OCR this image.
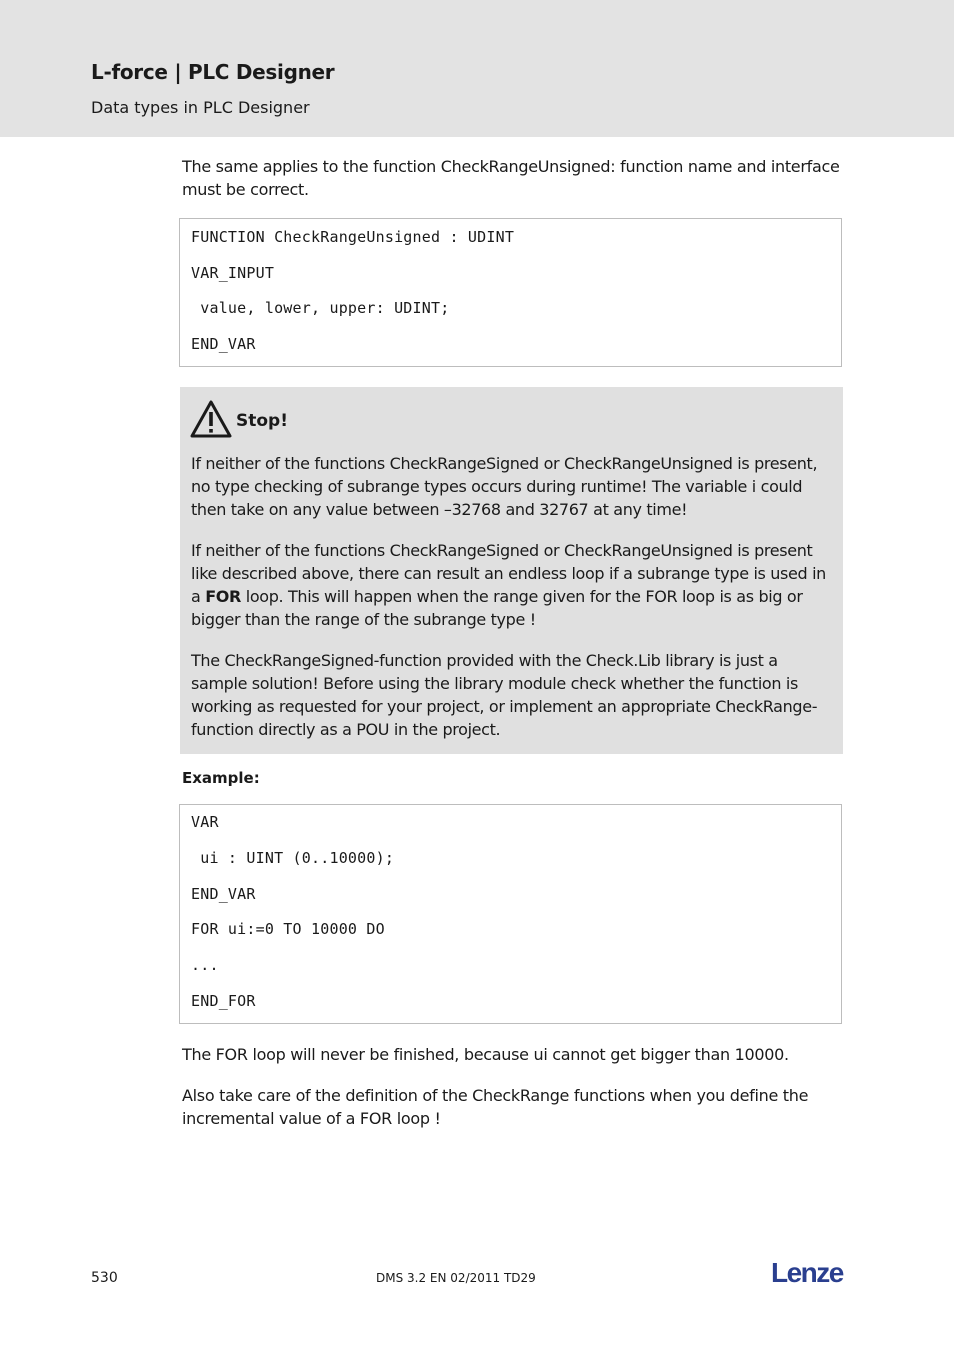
L-force | PLC Designer
Data types in PLC Designer
The same applies to the function CheckRangeUnsigned: function name and interface must be correct.
FUNCTION CheckRangeUnsigned : UDINT
VAR_INPUT
value, lower, upper: UDINT;
END_VAR
Stop!
If neither of the functions CheckRangeSigned or CheckRangeUnsigned is present, no type checking of subrange types occurs during runtime! The variable i could then take on any value between –32768 and 32767 at any time!
If neither of the functions CheckRangeSigned or CheckRangeUnsigned is present like described above, there can result an endless loop if a subrange type is used in a FOR loop. This will happen when the range given for the FOR loop is as big or bigger than the range of the subrange type !
The CheckRangeSigned-function provided with the Check.Lib library is just a sample solution! Before using the library module check whether the function is working as requested for your project, or implement an appropriate CheckRange-function directly as a POU in the project.
Example:
VAR
ui : UINT (0..10000);
END_VAR
FOR ui:=0 TO 10000 DO
...
END_FOR
The FOR loop will never be finished, because ui cannot get bigger than 10000.
Also take care of the definition of the CheckRange functions when you define the incremental value of a FOR loop !
530	DMS 3.2 EN 02/2011 TD29	Lenze
